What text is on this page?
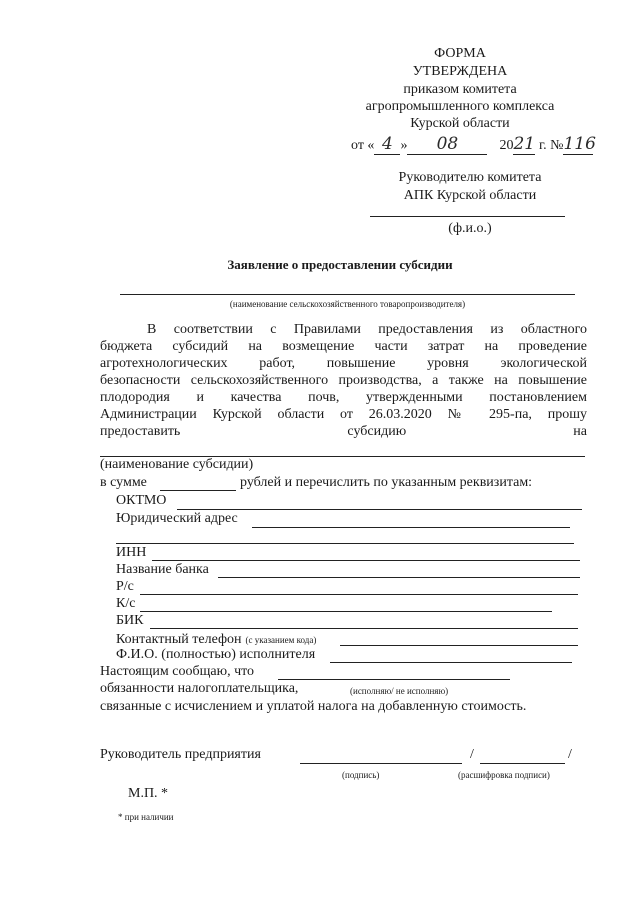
ФОРМА
УТВЕРЖДЕНА
приказом комитета
агропромышленного комплекса
Курской области
от « 4 » 08	2021 г. №116
Руководителю комитета
АПК Курской области
(ф.и.о.)
Заявление о предоставлении субсидии
(наименование сельскохозяйственного товаропроизводителя)
В соответствии с Правилами предоставления из областного
бюджета субсидий на возмещение части затрат на проведение
агротехнологических работ, повышение уровня экологической
безопасности сельскохозяйственного производства, а также на повышение
плодородия и качества почв, утвержденными постановлением
Администрации Курской области от 26.03.2020 № 295-па, прошу
предоставить субсидию на
(наименование субсидии)
в сумме	рублей и перечислить по указанным реквизитам:
ОКТМО
Юридический адрес
ИНН
Название банка
Р/с
К/с
БИК
Контактный телефон (с указанием кода)
Ф.И.О. (полностью) исполнителя
Настоящим сообщаю, что
обязанности налогоплательщика,	(исполняю/ не исполняю)
связанные с исчислением и уплатой налога на добавленную стоимость.
Руководитель предприятия	/	/
(подпись)	(расшифровка подписи)
М.П. *
* при наличии
